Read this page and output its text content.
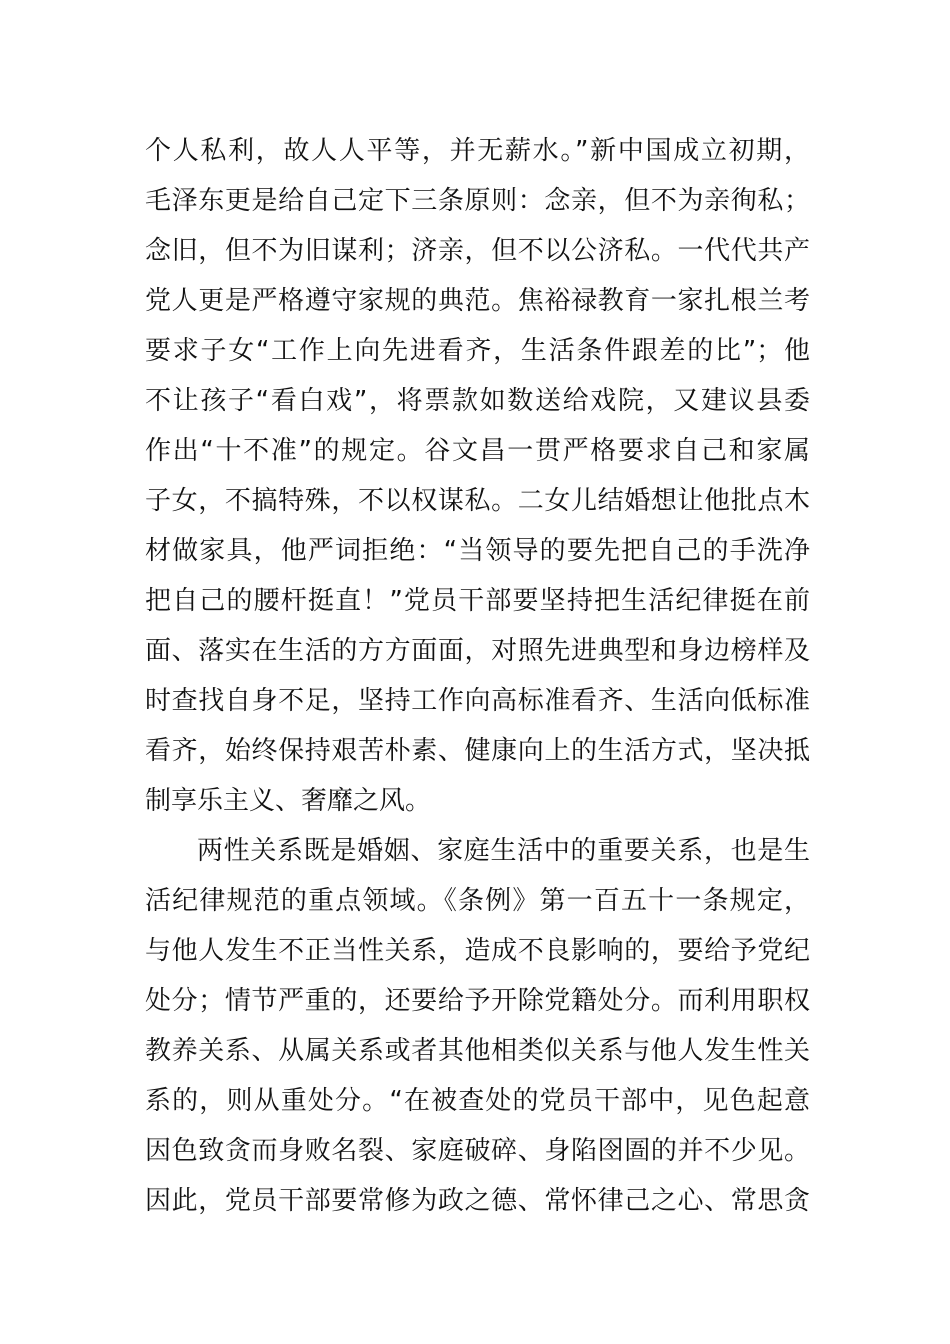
个人私利，故人人平等，并无薪水。”新中国成立初期，
毛泽东更是给自己定下三条原则：念亲，但不为亲徇私；
念旧，但不为旧谋利；济亲，但不以公济私。一代代共产
党人更是严格遵守家规的典范。焦裕禄教育一家扎根兰考
要求子女“工作上向先进看齐，生活条件跟差的比”；他
不让孩子“看白戏”，将票款如数送给戏院，又建议县委
作出“十不准”的规定。谷文昌一贯严格要求自己和家属
子女，不搞特殊，不以权谋私。二女儿结婚想让他批点木
材做家具，他严词拒绝：“当领导的要先把自己的手洗净
把自己的腰杆挺直！”党员干部要坚持把生活纪律挺在前
面、落实在生活的方方面面，对照先进典型和身边榜样及
时查找自身不足，坚持工作向高标准看齐、生活向低标准
看齐，始终保持艰苦朴素、健康向上的生活方式，坚决抵
制享乐主义、奢靡之风。
两性关系既是婚姻、家庭生活中的重要关系，也是生
活纪律规范的重点领域。《条例》第一百五十一条规定，
与他人发生不正当性关系，造成不良影响的，要给予党纪
处分；情节严重的，还要给予开除党籍处分。而利用职权
教养关系、从属关系或者其他相类似关系与他人发生性关
系的，则从重处分。“在被查处的党员干部中，见色起意
因色致贪而身败名裂、家庭破碎、身陷囹圄的并不少见。
因此，党员干部要常修为政之德、常怀律己之心、常思贪
